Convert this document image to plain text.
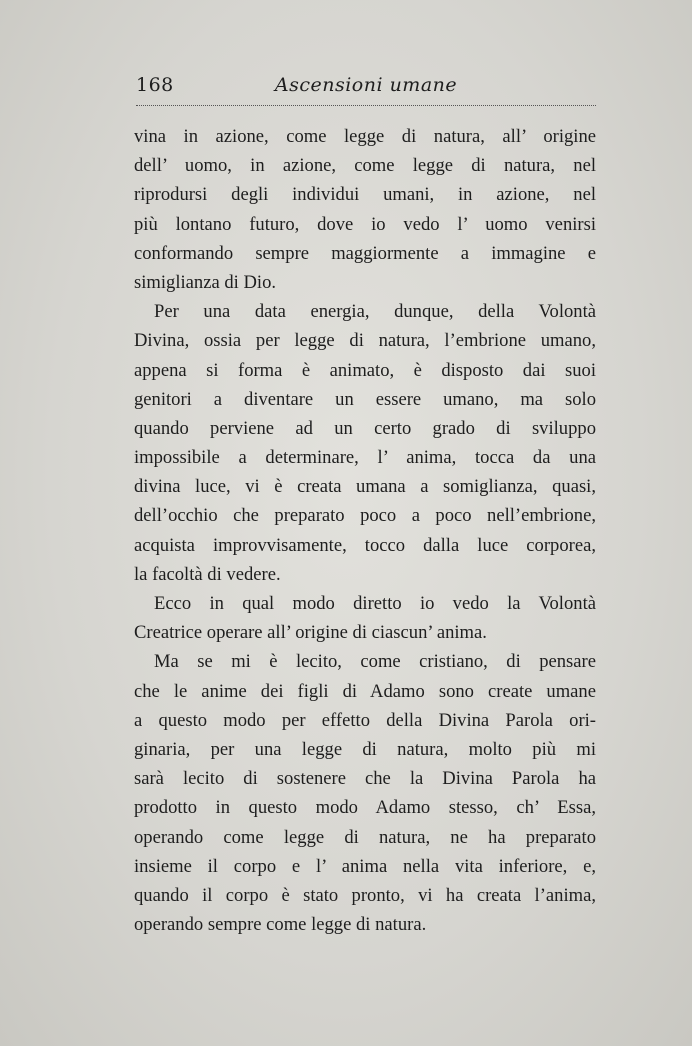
168	Ascensioni umane
vina in azione, come legge di natura, all’ origine
dell’ uomo, in azione, come legge di natura, nel
riprodursi degli individui umani, in azione, nel
più lontano futuro, dove io vedo l’ uomo venirsi
conformando sempre maggiormente a immagine e
simiglianza di Dio.
Per una data energia, dunque, della Volontà
Divina, ossia per legge di natura, l’embrione umano,
appena si forma è animato, è disposto dai suoi
genitori a diventare un essere umano, ma solo
quando perviene ad un certo grado di sviluppo
impossibile a determinare, l’ anima, tocca da una
divina luce, vi è creata umana a somiglianza, quasi,
dell’occhio che preparato poco a poco nell’embrione,
acquista improvvisamente, tocco dalla luce corporea,
la facoltà di vedere.
Ecco in qual modo diretto io vedo la Volontà
Creatrice operare all’ origine di ciascun’ anima.
Ma se mi è lecito, come cristiano, di pensare
che le anime dei figli di Adamo sono create umane
a questo modo per effetto della Divina Parola ori-
ginaria, per una legge di natura, molto più mi
sarà lecito di sostenere che la Divina Parola ha
prodotto in questo modo Adamo stesso, ch’ Essa,
operando come legge di natura, ne ha preparato
insieme il corpo e l’ anima nella vita inferiore, e,
quando il corpo è stato pronto, vi ha creata l’anima,
operando sempre come legge di natura.
